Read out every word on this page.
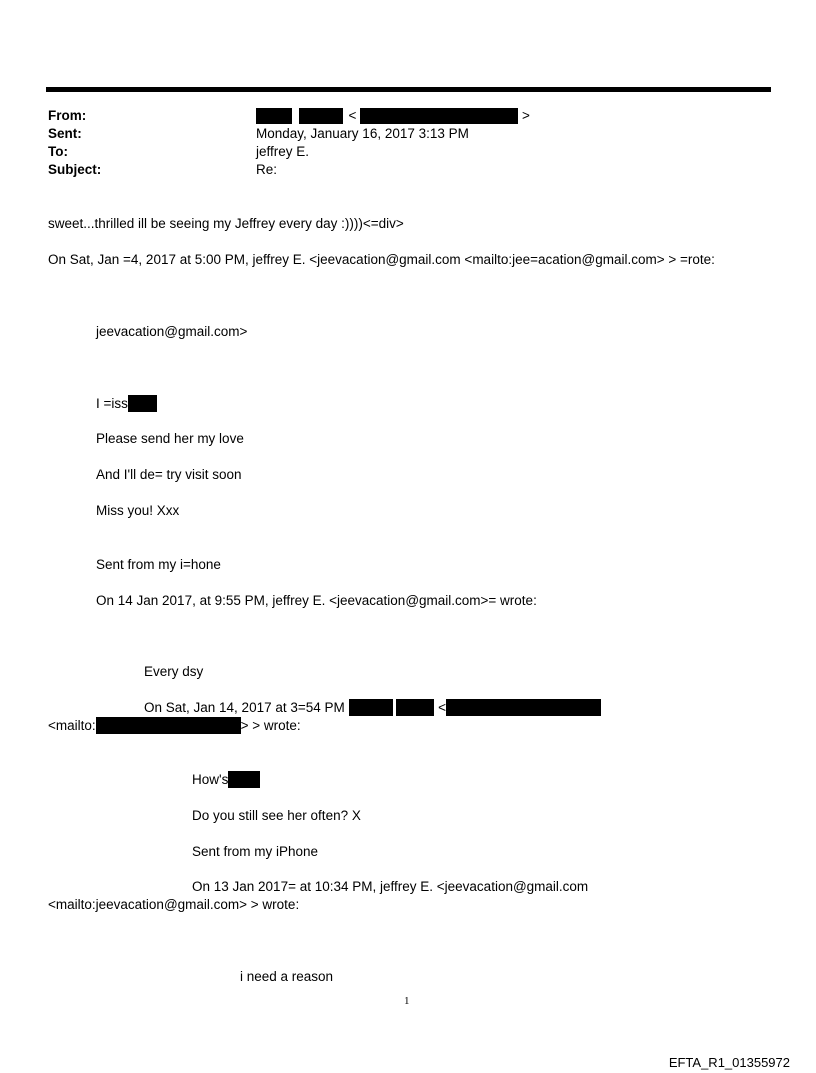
From:	<	>
Sent:	Monday, January 16, 2017 3:13 PM
To:	jeffrey E.
Subject:	Re:
sweet...thrilled ill be seeing my Jeffrey every day :))))<=div>
On Sat, Jan =4, 2017 at 5:00 PM, jeffrey E. <jeevacation@gmail.com <mailto:jee=acation@gmail.com> > =rote:
jeevacation@gmail.com>
I =iss
Please send her my love
And I'll de= try visit soon
Miss you! Xxx
Sent from my i=hone
On 14 Jan 2017, at 9:55 PM, jeffrey E. <jeevacation@gmail.com>= wrote:
Every dsy
On Sat, Jan 14, 2017 at 3=54 PM	<
<mailto:	> > wrote:
How's
Do you still see her often? X
Sent from my iPhone
On 13 Jan 2017= at 10:34 PM, jeffrey E. <jeevacation@gmail.com
<mailto:jeevacation@gmail.com> > wrote:
i need a reason
1
EFTA_R1_01355972
